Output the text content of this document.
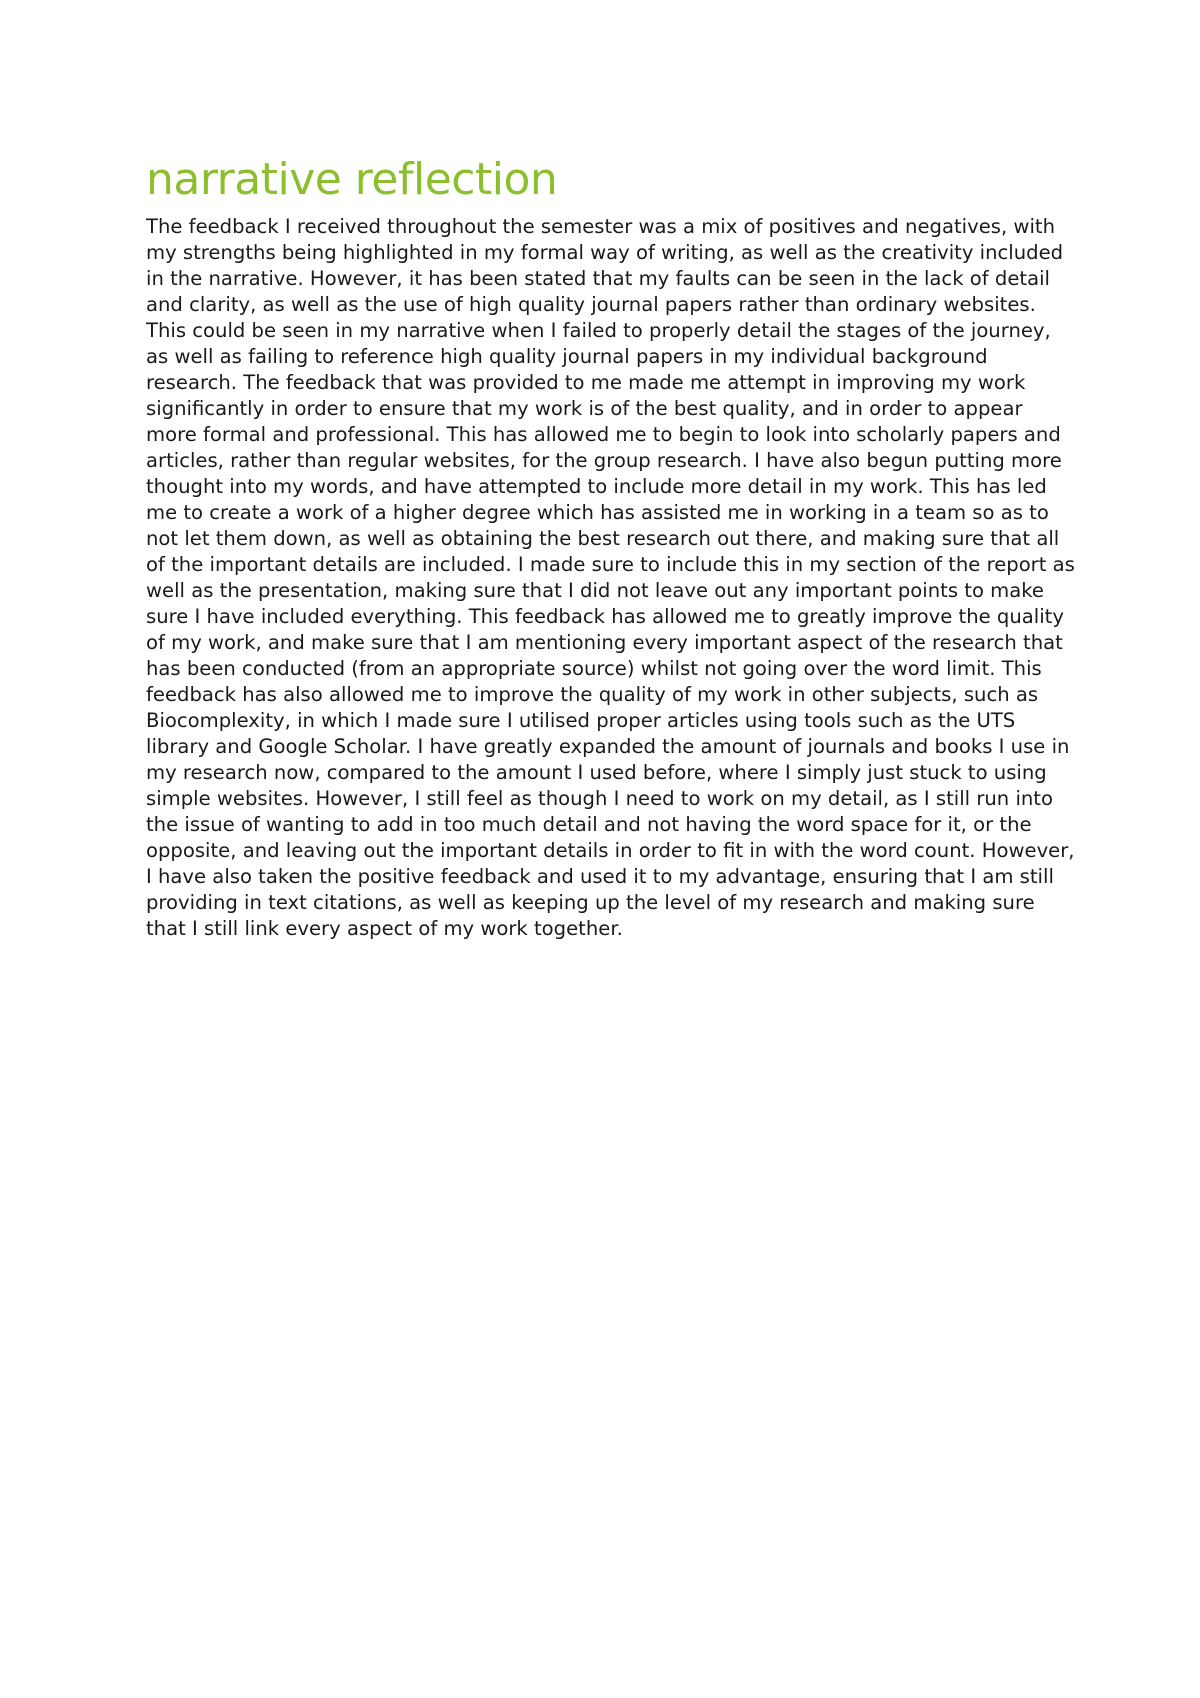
narrative reflection

The feedback I received throughout the semester was a mix of positives and negatives, with my strengths being highlighted in my formal way of writing, as well as the creativity included in the narrative. However, it has been stated that my faults can be seen in the lack of detail and clarity, as well as the use of high quality journal papers rather than ordinary websites. This could be seen in my narrative when I failed to properly detail the stages of the journey, as well as failing to reference high quality journal papers in my individual background research. The feedback that was provided to me made me attempt in improving my work significantly in order to ensure that my work is of the best quality, and in order to appear more formal and professional. This has allowed me to begin to look into scholarly papers and articles, rather than regular websites, for the group research. I have also begun putting more thought into my words, and have attempted to include more detail in my work. This has led me to create a work of a higher degree which has assisted me in working in a team so as to not let them down, as well as obtaining the best research out there, and making sure that all of the important details are included. I made sure to include this in my section of the report as well as the presentation, making sure that I did not leave out any important points to make sure I have included everything. This feedback has allowed me to greatly improve the quality of my work, and make sure that I am mentioning every important aspect of the research that has been conducted (from an appropriate source) whilst not going over the word limit. This feedback has also allowed me to improve the quality of my work in other subjects, such as Biocomplexity, in which I made sure I utilised proper articles using tools such as the UTS library and Google Scholar. I have greatly expanded the amount of journals and books I use in my research now, compared to the amount I used before, where I simply just stuck to using simple websites. However, I still feel as though I need to work on my detail, as I still run into the issue of wanting to add in too much detail and not having the word space for it, or the opposite, and leaving out the important details in order to fit in with the word count. However, I have also taken the positive feedback and used it to my advantage, ensuring that I am still providing in text citations, as well as keeping up the level of my research and making sure that I still link every aspect of my work together.
